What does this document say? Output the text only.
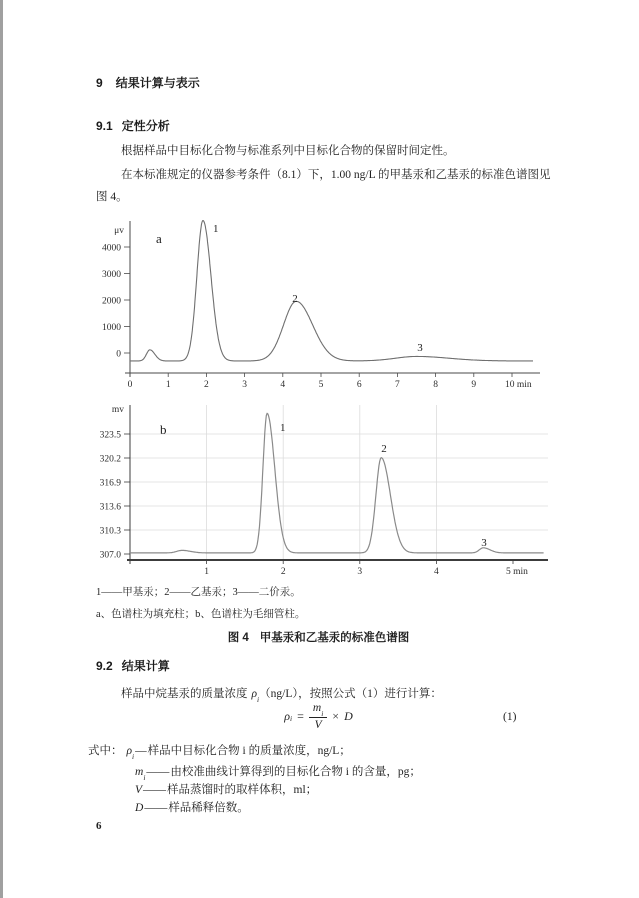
9 结果计算与表示
9.1 定性分析
根据样品中目标化合物与标准系列中目标化合物的保留时间定性。
在本标准规定的仪器参考条件（8.1）下，1.00 ng/L 的甲基汞和乙基汞的标准色谱图见
图 4。
0
1000
2000
3000
4000
0	1	2	3	4	5	6	7	8	9	10 min
μv a
1
2
3
307.0
310.3
313.6
316.9
320.2
323.5
1	2	3	4	5 min
mv
b	1
2
3
1——甲基汞；2——乙基汞；3——二价汞。
a、色谱柱为填充柱；b、色谱柱为毛细管柱。
图 4 甲基汞和乙基汞的标准色谱图
9.2 结果计算
样品中烷基汞的质量浓度 $\rho_i(ng/L)$，按照公式（1）进行计算：
$\rho_i = \frac{m_i}{V} \times D$	(1)
式中： $\rho_i—$样品中目标化合物 i 的质量浓度，ng/L；
$m_i——$由校准曲线计算得到的目标化合物 i 的含量，pg；
V——样品蒸馏时的取样体积，ml；
D——样品稀释倍数。
6
